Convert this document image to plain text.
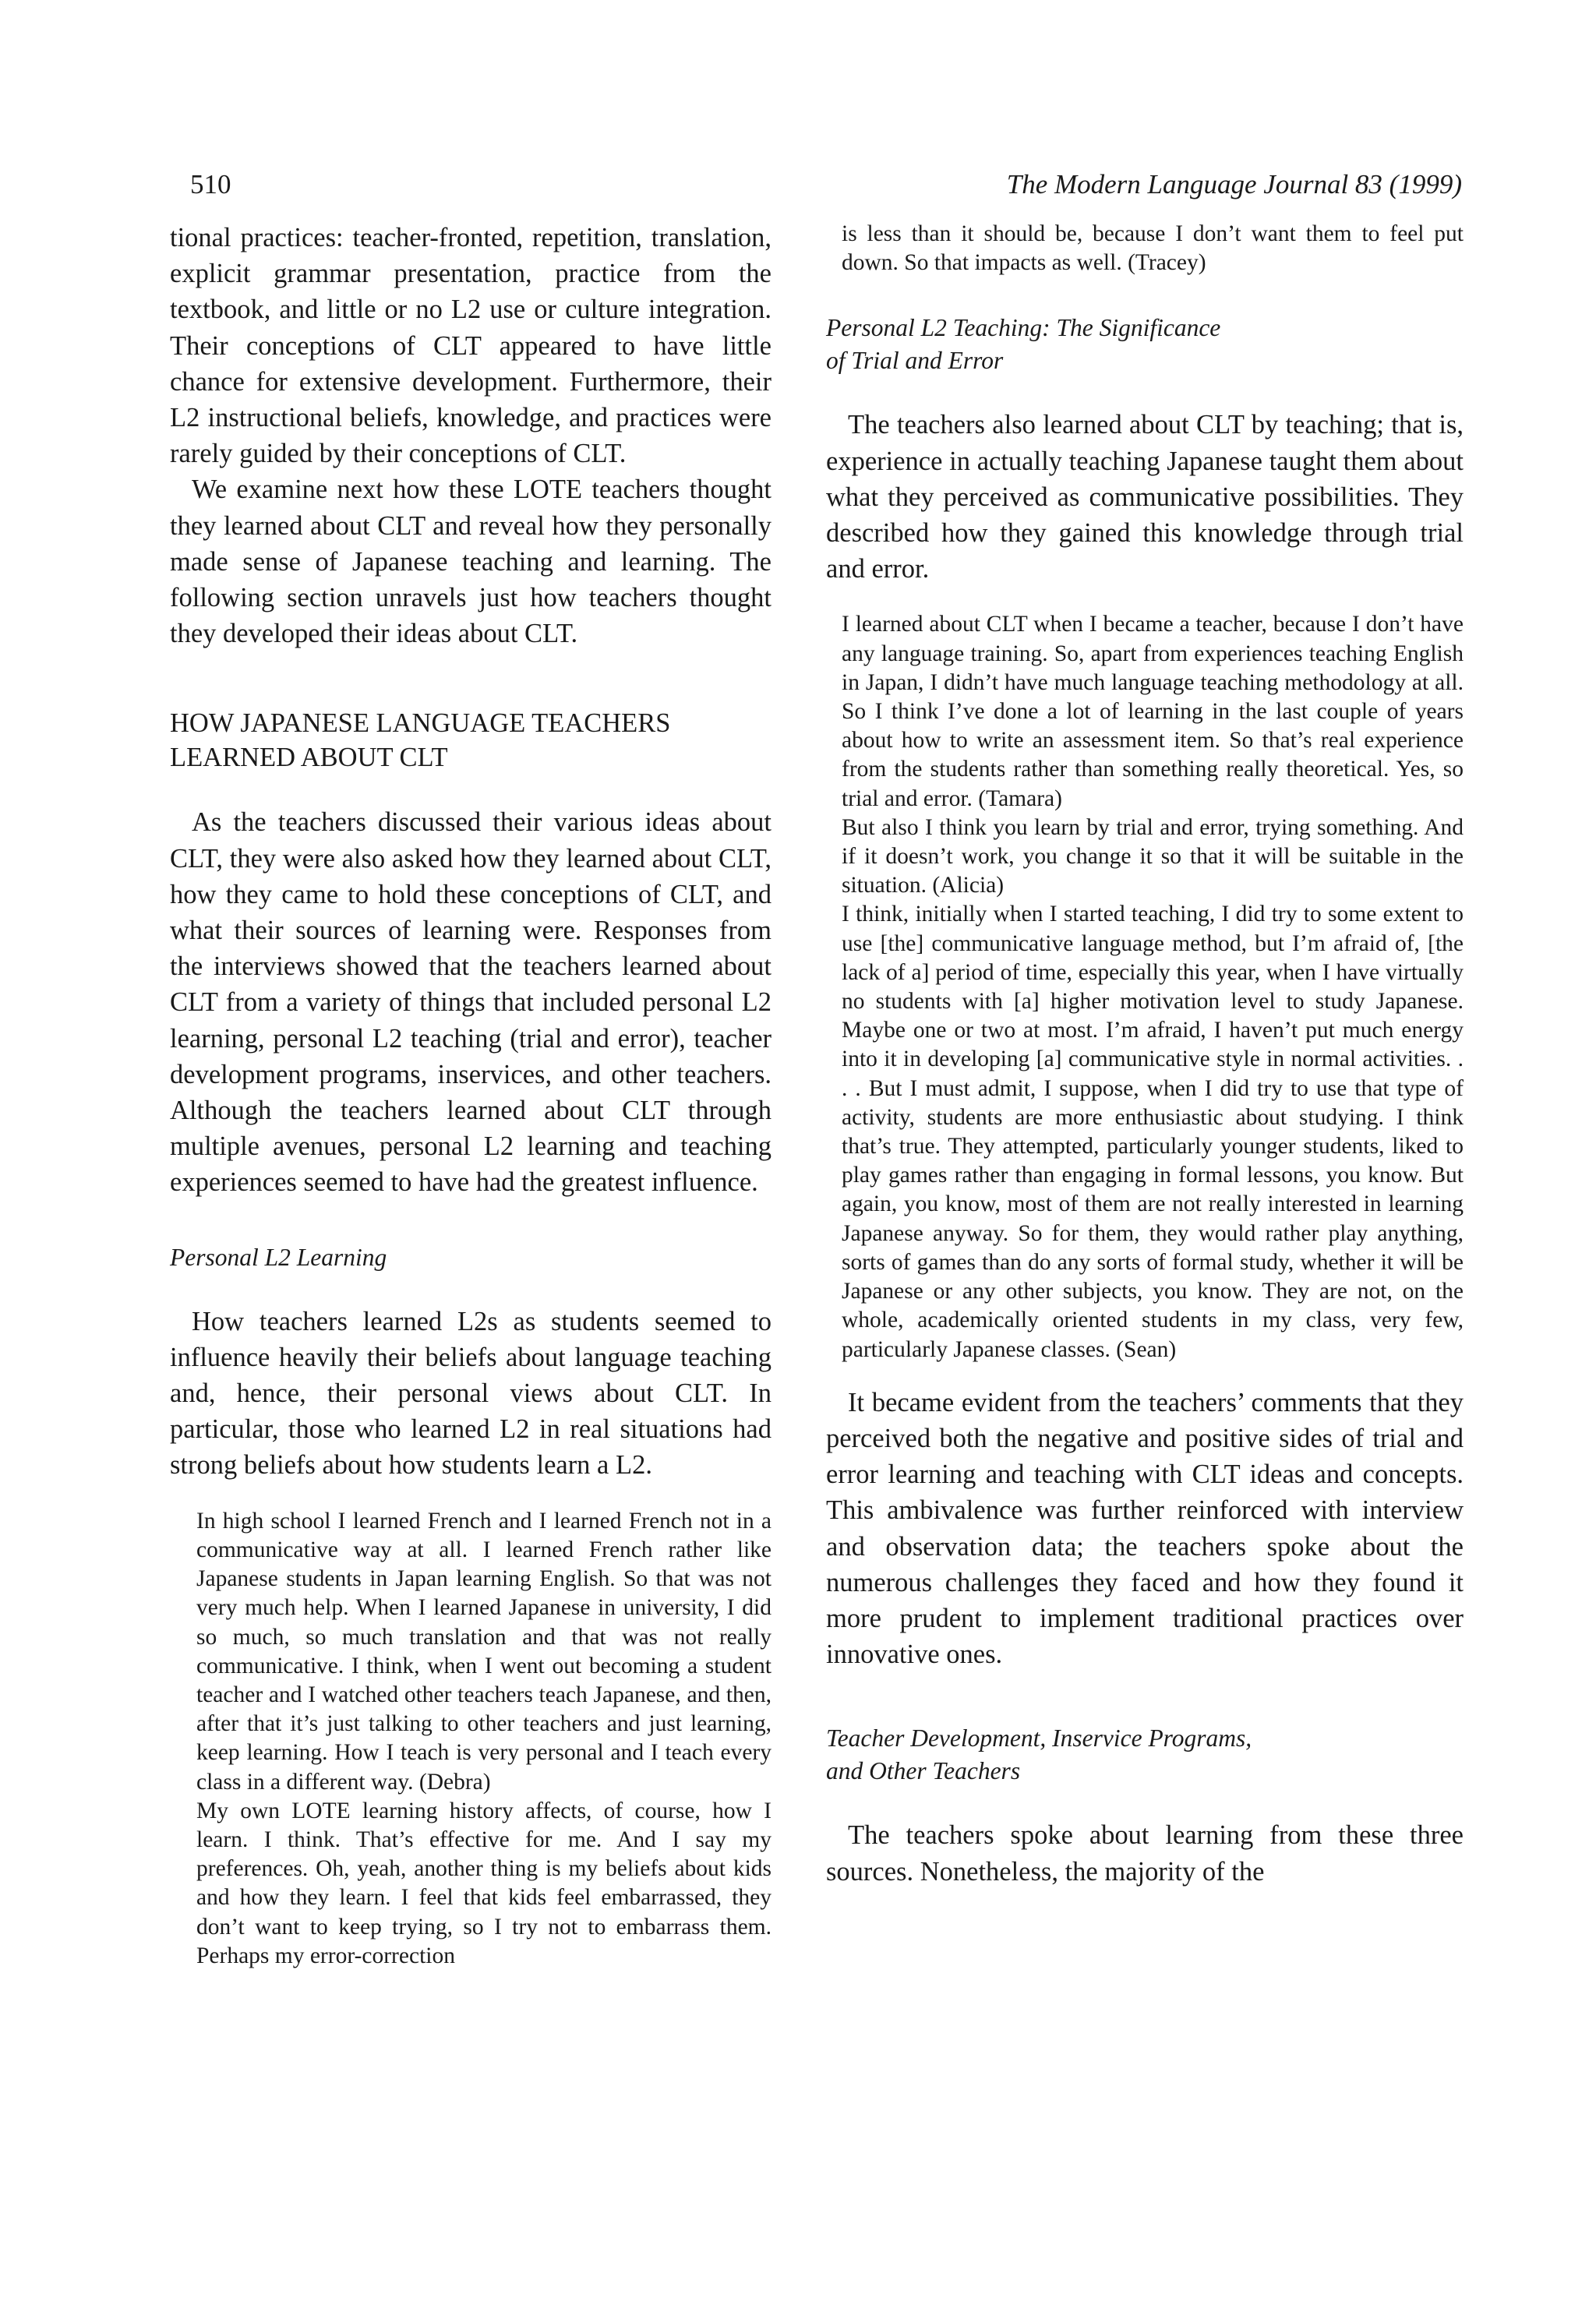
510	The Modern Language Journal 83 (1999)

tional practices: teacher-fronted, repetition, translation, explicit grammar presentation, practice from the textbook, and little or no L2 use or culture integration. Their conceptions of CLT appeared to have little chance for extensive development. Furthermore, their L2 instructional beliefs, knowledge, and practices were rarely guided by their conceptions of CLT.

We examine next how these LOTE teachers thought they learned about CLT and reveal how they personally made sense of Japanese teaching and learning. The following section unravels just how teachers thought they developed their ideas about CLT.

HOW JAPANESE LANGUAGE TEACHERS LEARNED ABOUT CLT

As the teachers discussed their various ideas about CLT, they were also asked how they learned about CLT, how they came to hold these conceptions of CLT, and what their sources of learning were. Responses from the interviews showed that the teachers learned about CLT from a variety of things that included personal L2 learning, personal L2 teaching (trial and error), teacher development programs, inservices, and other teachers. Although the teachers learned about CLT through multiple avenues, personal L2 learning and teaching experiences seemed to have had the greatest influence.

Personal L2 Learning

How teachers learned L2s as students seemed to influence heavily their beliefs about language teaching and, hence, their personal views about CLT. In particular, those who learned L2 in real situations had strong beliefs about how students learn a L2.

In high school I learned French and I learned French not in a communicative way at all. I learned French rather like Japanese students in Japan learning English. So that was not very much help. When I learned Japanese in university, I did so much, so much translation and that was not really communicative. I think, when I went out becoming a student teacher and I watched other teachers teach Japanese, and then, after that it’s just talking to other teachers and just learning, keep learning. How I teach is very personal and I teach every class in a different way. (Debra)

My own LOTE learning history affects, of course, how I learn. I think. That’s effective for me. And I say my preferences. Oh, yeah, another thing is my beliefs about kids and how they learn. I feel that kids feel embarrassed, they don’t want to keep trying, so I try not to embarrass them. Perhaps my error-correction

is less than it should be, because I don’t want them to feel put down. So that impacts as well. (Tracey)

Personal L2 Teaching: The Significance
of Trial and Error

The teachers also learned about CLT by teaching; that is, experience in actually teaching Japanese taught them about what they perceived as communicative possibilities. They described how they gained this knowledge through trial and error.

I learned about CLT when I became a teacher, because I don’t have any language training. So, apart from experiences teaching English in Japan, I didn’t have much language teaching methodology at all. So I think I’ve done a lot of learning in the last couple of years about how to write an assessment item. So that’s real experience from the students rather than something really theoretical. Yes, so trial and error. (Tamara)

But also I think you learn by trial and error, trying something. And if it doesn’t work, you change it so that it will be suitable in the situation. (Alicia)

I think, initially when I started teaching, I did try to some extent to use [the] communicative language method, but I’m afraid of, [the lack of a] period of time, especially this year, when I have virtually no students with [a] higher motivation level to study Japanese. Maybe one or two at most. I’m afraid, I haven’t put much energy into it in developing [a] communicative style in normal activities. . . . But I must admit, I suppose, when I did try to use that type of activity, students are more enthusiastic about studying. I think that’s true. They attempted, particularly younger students, liked to play games rather than engaging in formal lessons, you know. But again, you know, most of them are not really interested in learning Japanese anyway. So for them, they would rather play anything, sorts of games than do any sorts of formal study, whether it will be Japanese or any other subjects, you know. They are not, on the whole, academically oriented students in my class, very few, particularly Japanese classes. (Sean)

It became evident from the teachers’ comments that they perceived both the negative and positive sides of trial and error learning and teaching with CLT ideas and concepts. This ambivalence was further reinforced with interview and observation data; the teachers spoke about the numerous challenges they faced and how they found it more prudent to implement traditional practices over innovative ones.

Teacher Development, Inservice Programs,
and Other Teachers

The teachers spoke about learning from these three sources. Nonetheless, the majority of the
